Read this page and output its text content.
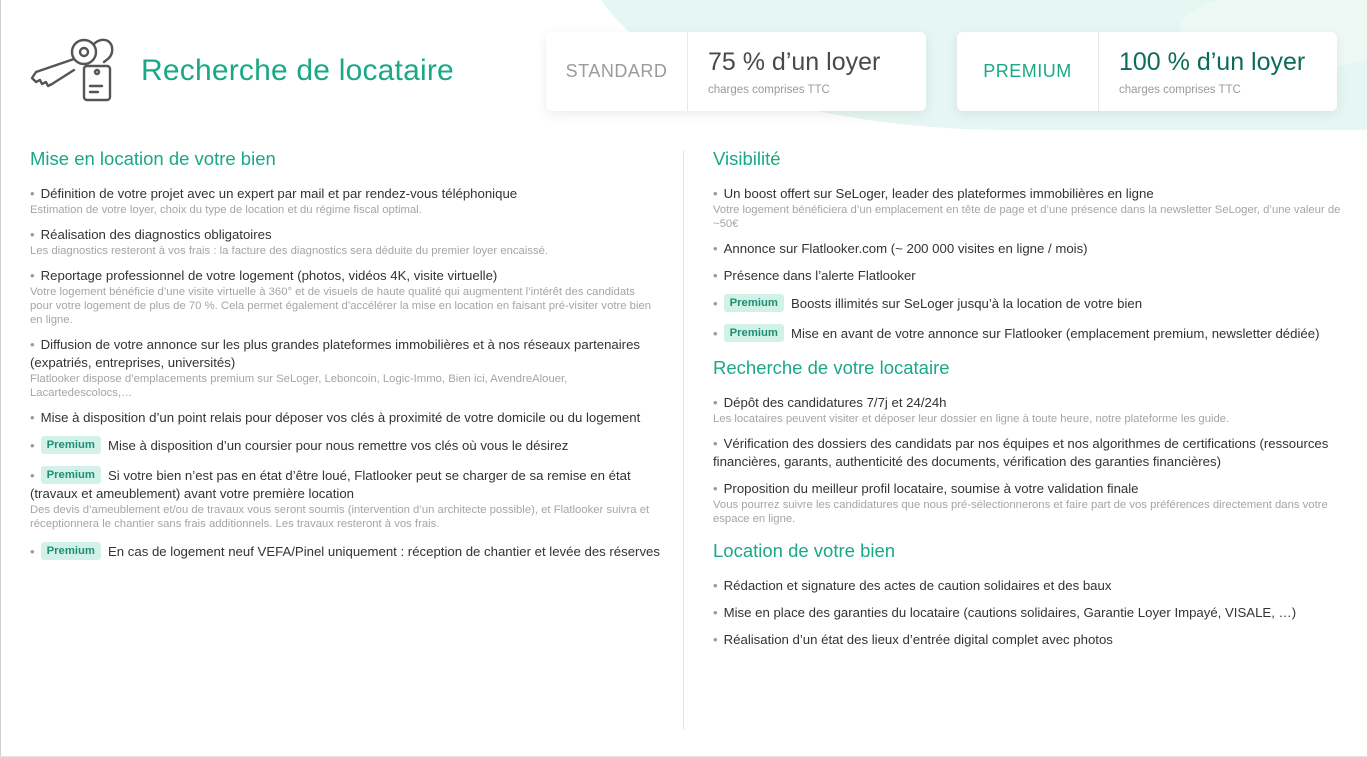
Recherche de locataire	STANDARD	75 % d’un loyer
charges comprises TTC
PREMIUM	100 % d’un loyer
charges comprises TTC
Mise en location de votre bien
• Définition de votre projet avec un expert par mail et par rendez-vous téléphonique
Estimation de votre loyer, choix du type de location et du régime fiscal optimal.
• Réalisation des diagnostics obligatoires
Les diagnostics resteront à vos frais : la facture des diagnostics sera déduite du premier loyer encaissé.
• Reportage professionnel de votre logement (photos, vidéos 4K, visite virtuelle)
Votre logement bénéficie d’une visite virtuelle à 360° et de visuels de haute qualité qui augmentent l’intérêt des candidats pour votre logement de plus de 70 %. Cela permet également d’accélérer la mise en location en faisant pré-visiter votre bien en ligne.
• Diffusion de votre annonce sur les plus grandes plateformes immobilières et à nos réseaux partenaires (expatriés, entreprises, universités)
Flatlooker dispose d’emplacements premium sur SeLoger, Leboncoin, Logic-Immo, Bien ici, AvendreAlouer, Lacartedescolocs,…
• Mise à disposition d’un point relais pour déposer vos clés à proximité de votre domicile ou du logement
• Premium Mise à disposition d’un coursier pour nous remettre vos clés où vous le désirez
• Premium Si votre bien n’est pas en état d’être loué, Flatlooker peut se charger de sa remise en état (travaux et ameublement) avant votre première location
Des devis d’ameublement et/ou de travaux vous seront soumis (intervention d’un architecte possible), et Flatlooker suivra et réceptionnera le chantier sans frais additionnels. Les travaux resteront à vos frais.
• Premium En cas de logement neuf VEFA/Pinel uniquement : réception de chantier et levée des réserves
Visibilité
• Un boost offert sur SeLoger, leader des plateformes immobilières en ligne
Votre logement bénéficiera d’un emplacement en tête de page et d’une présence dans la newsletter SeLoger, d’une valeur de ~50€
• Annonce sur Flatlooker.com (~ 200 000 visites en ligne / mois)
• Présence dans l’alerte Flatlooker
• Premium Boosts illimités sur SeLoger jusqu’à la location de votre bien
• Premium Mise en avant de votre annonce sur Flatlooker (emplacement premium, newsletter dédiée)
Recherche de votre locataire
• Dépôt des candidatures 7/7j et 24/24h
Les locataires peuvent visiter et déposer leur dossier en ligne à toute heure, notre plateforme les guide.
• Vérification des dossiers des candidats par nos équipes et nos algorithmes de certifications (ressources financières, garants, authenticité des documents, vérification des garanties financières)
• Proposition du meilleur profil locataire, soumise à votre validation finale
Vous pourrez suivre les candidatures que nous pré-sélectionnerons et faire part de vos préférences directement dans votre espace en ligne.
Location de votre bien
• Rédaction et signature des actes de caution solidaires et des baux
• Mise en place des garanties du locataire (cautions solidaires, Garantie Loyer Impayé, VISALE, …)
• Réalisation d’un état des lieux d’entrée digital complet avec photos
